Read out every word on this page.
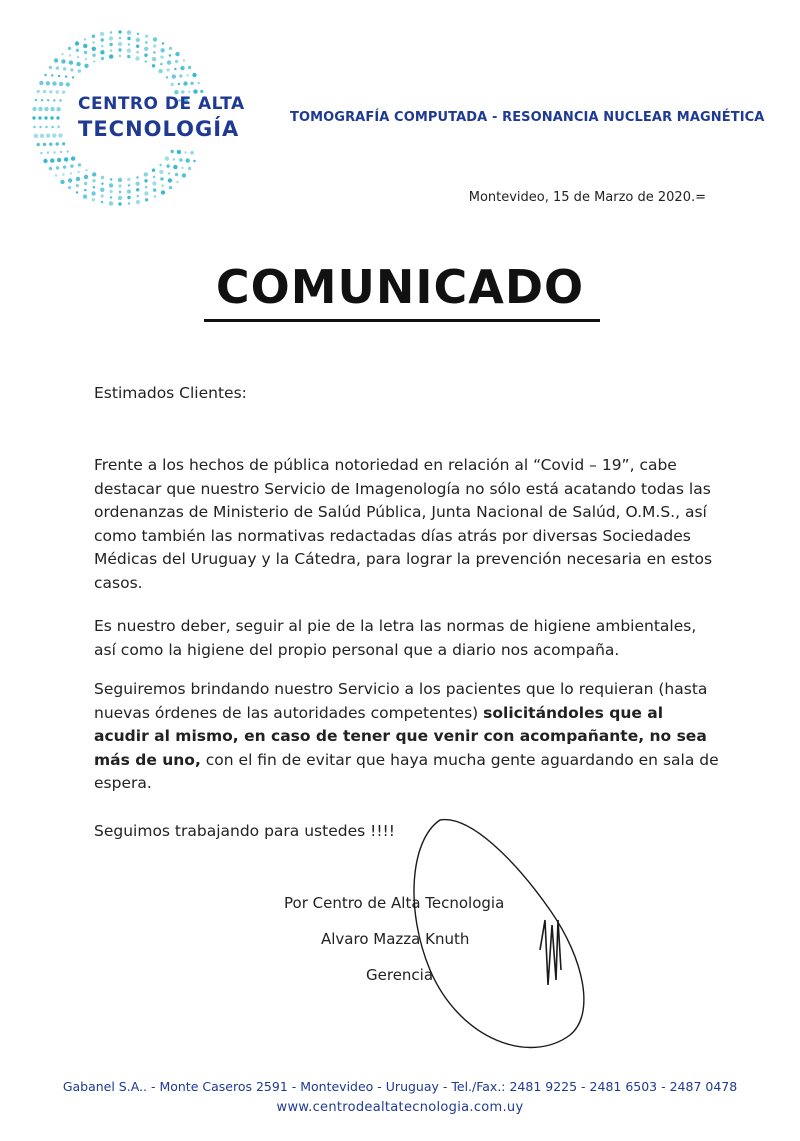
CENTRO DE ALTA
TECNOLOGÍA	TOMOGRAFÍA COMPUTADA - RESONANCIA NUCLEAR MAGNÉTICA
Montevideo, 15 de Marzo de 2020.=
COMUNICADO
Estimados Clientes:
Frente a los hechos de pública notoriedad en relación al “Covid – 19”, cabe destacar que nuestro Servicio de Imagenología no sólo está acatando todas las ordenanzas de Ministerio de Salúd Pública, Junta Nacional de Salúd, O.M.S., así como también las normativas redactadas días atrás por diversas Sociedades Médicas del Uruguay y la Cátedra, para lograr la prevención necesaria en estos casos.
Es nuestro deber, seguir al pie de la letra las normas de higiene ambientales, así como la higiene del propio personal que a diario nos acompaña.
Seguiremos brindando nuestro Servicio a los pacientes que lo requieran (hasta nuevas órdenes de las autoridades competentes) solicitándoles que al acudir al mismo, en caso de tener que venir con acompañante, no sea más de uno, con el fin de evitar que haya mucha gente aguardando en sala de espera.
Seguimos trabajando para ustedes !!!!
Por Centro de Alta Tecnologia
Alvaro Mazza Knuth
Gerencia
Gabanel S.A.. - Monte Caseros 2591 - Montevideo - Uruguay - Tel./Fax.: 2481 9225 - 2481 6503 - 2487 0478
www.centrodealtatecnologia.com.uy
